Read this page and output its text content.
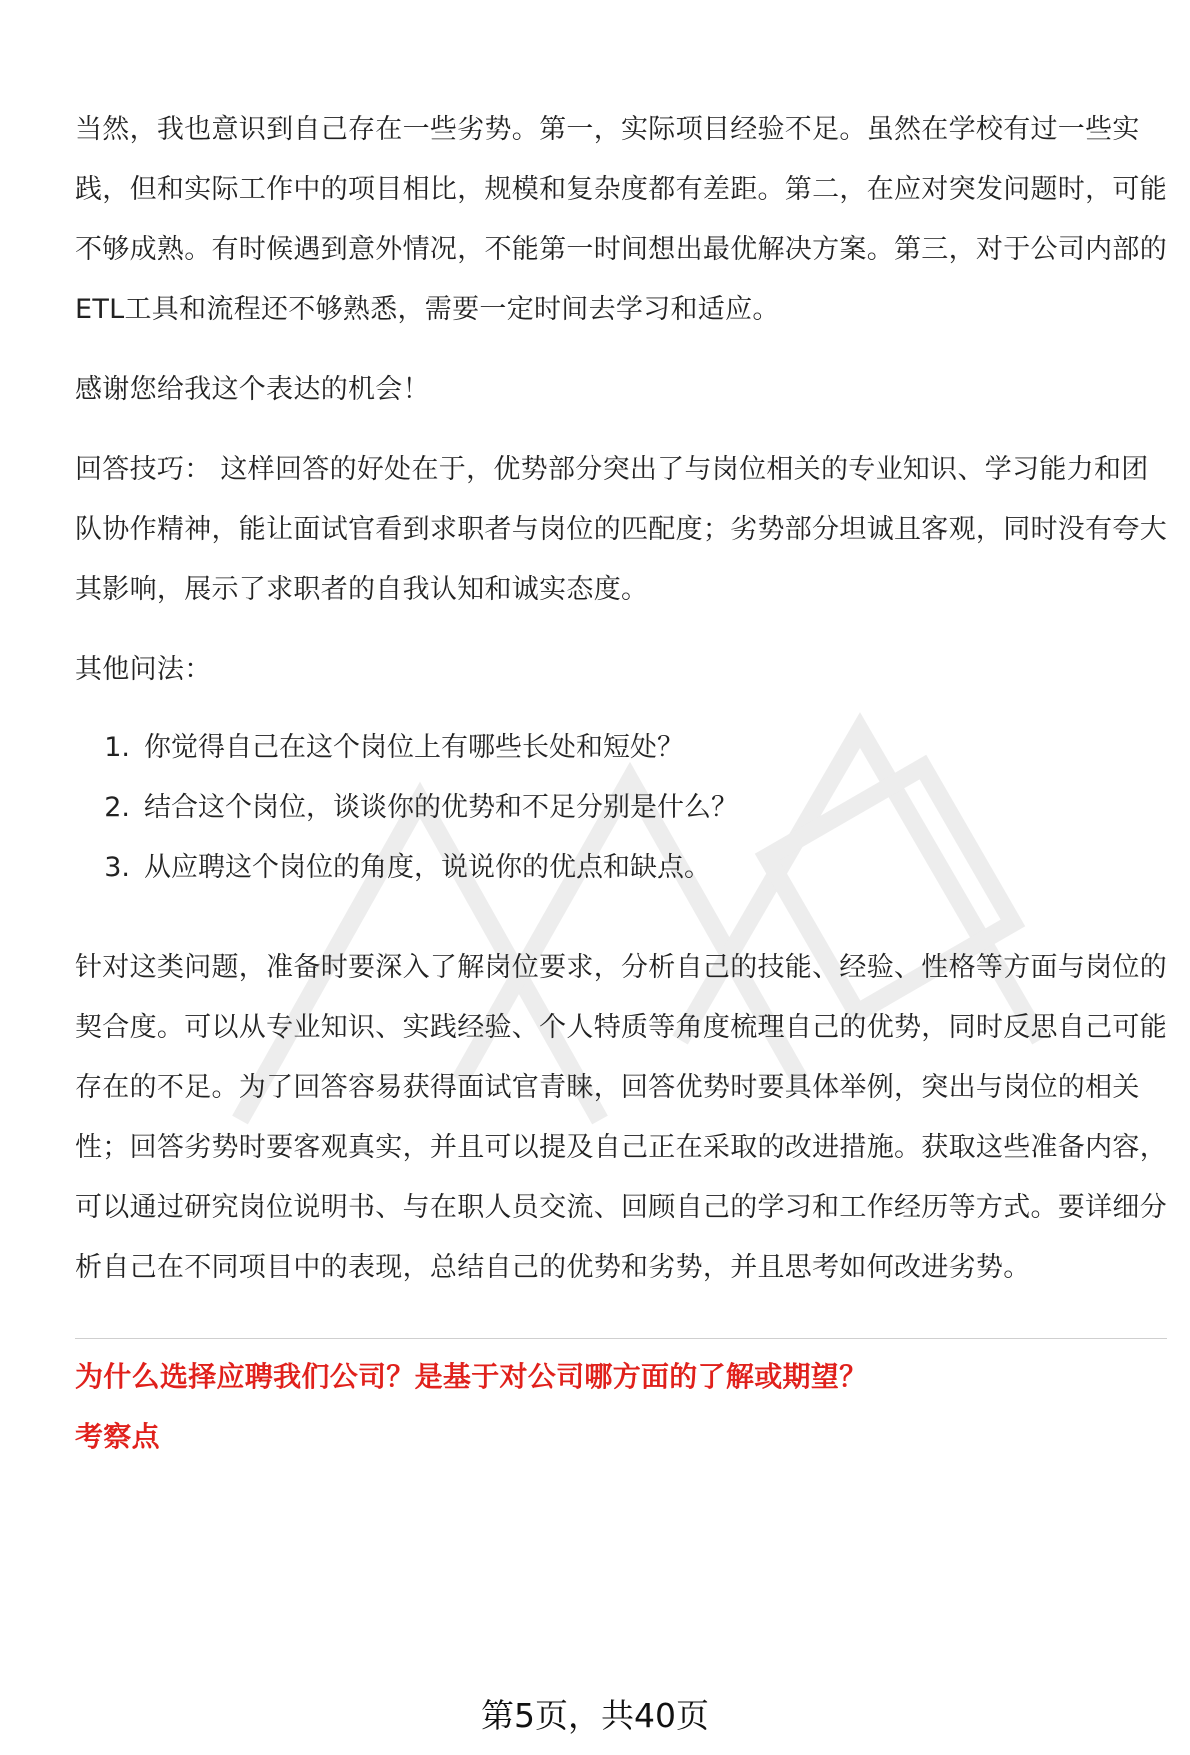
当然，我也意识到自己存在一些劣势。第一，实际项目经验不足。虽然在学校有过一些实践，但和实际工作中的项目相比，规模和复杂度都有差距。第二，在应对突发问题时，可能不够成熟。有时候遇到意外情况，不能第一时间想出最优解决方案。第三，对于公司内部的ETL工具和流程还不够熟悉，需要一定时间去学习和适应。

感谢您给我这个表达的机会！

回答技巧： 这样回答的好处在于，优势部分突出了与岗位相关的专业知识、学习能力和团队协作精神，能让面试官看到求职者与岗位的匹配度；劣势部分坦诚且客观，同时没有夸大其影响，展示了求职者的自我认知和诚实态度。

其他问法：

1. 你觉得自己在这个岗位上有哪些长处和短处？
2. 结合这个岗位，谈谈你的优势和不足分别是什么？
3. 从应聘这个岗位的角度，说说你的优点和缺点。

针对这类问题，准备时要深入了解岗位要求，分析自己的技能、经验、性格等方面与岗位的契合度。可以从专业知识、实践经验、个人特质等角度梳理自己的优势，同时反思自己可能存在的不足。为了回答容易获得面试官青睐，回答优势时要具体举例，突出与岗位的相关性；回答劣势时要客观真实，并且可以提及自己正在采取的改进措施。获取这些准备内容，可以通过研究岗位说明书、与在职人员交流、回顾自己的学习和工作经历等方式。要详细分析自己在不同项目中的表现，总结自己的优势和劣势，并且思考如何改进劣势。

为什么选择应聘我们公司？是基于对公司哪方面的了解或期望？

考察点

第5页，共40页
